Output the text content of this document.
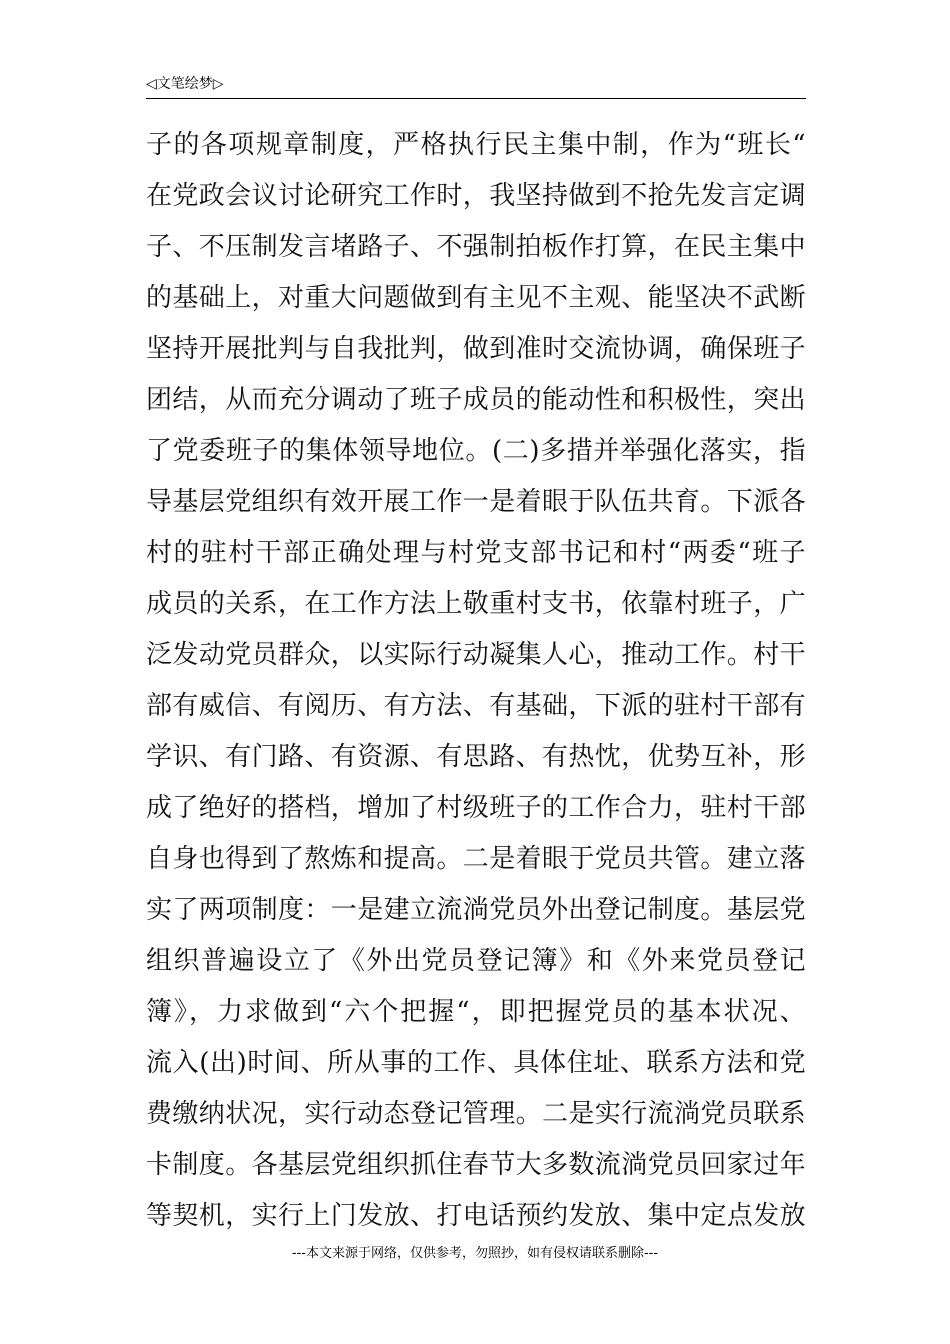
◁文笔绘梦▷
子的各项规章制度，严格执行民主集中制，作为“班长“
在党政会议讨论研究工作时，我坚持做到不抢先发言定调
子、不压制发言堵路子、不强制拍板作打算，在民主集中
的基础上，对重大问题做到有主见不主观、能坚决不武断
坚持开展批判与自我批判，做到准时交流协调，确保班子
团结，从而充分调动了班子成员的能动性和积极性，突出
了党委班子的集体领导地位。(二)多措并举强化落实，指
导基层党组织有效开展工作一是着眼于队伍共育。下派各
村的驻村干部正确处理与村党支部书记和村“两委“班子
成员的关系，在工作方法上敬重村支书，依靠村班子，广
泛发动党员群众，以实际行动凝集人心，推动工作。村干
部有威信、有阅历、有方法、有基础，下派的驻村干部有
学识、有门路、有资源、有思路、有热忱，优势互补，形
成了绝好的搭档，增加了村级班子的工作合力，驻村干部
自身也得到了熬炼和提高。二是着眼于党员共管。建立落
实了两项制度：一是建立流淌党员外出登记制度。基层党
组织普遍设立了《外出党员登记簿》和《外来党员登记
簿》，力求做到“六个把握“，即把握党员的基本状况、
流入(出)时间、所从事的工作、具体住址、联系方法和党
费缴纳状况，实行动态登记管理。二是实行流淌党员联系
卡制度。各基层党组织抓住春节大多数流淌党员回家过年
等契机，实行上门发放、打电话预约发放、集中定点发放
---本文来源于网络，仅供参考，勿照抄，如有侵权请联系删除---
